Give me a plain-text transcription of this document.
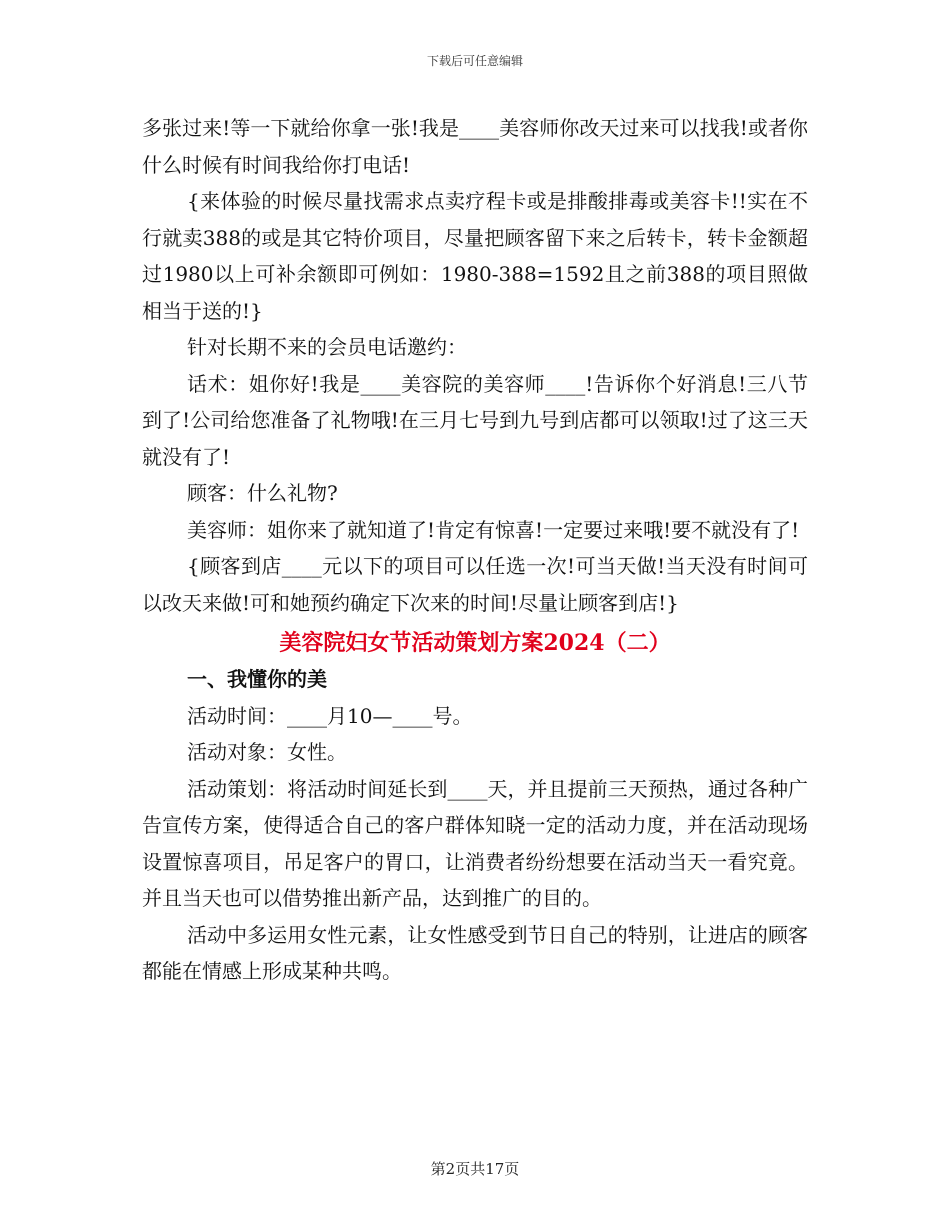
下载后可任意编辑

多张过来!等一下就给你拿一张!我是____美容师你改天过来可以找我!或者你什么时候有时间我给你打电话!

{来体验的时候尽量找需求点卖疗程卡或是排酸排毒或美容卡!!实在不行就卖388的或是其它特价项目，尽量把顾客留下来之后转卡，转卡金额超过1980以上可补余额即可例如：1980-388=1592且之前388的项目照做相当于送的!}

针对长期不来的会员电话邀约：

话术：姐你好!我是____美容院的美容师____!告诉你个好消息!三八节到了!公司给您准备了礼物哦!在三月七号到九号到店都可以领取!过了这三天就没有了!

顾客：什么礼物?

美容师：姐你来了就知道了!肯定有惊喜!一定要过来哦!要不就没有了!

{顾客到店____元以下的项目可以任选一次!可当天做!当天没有时间可以改天来做!可和她预约确定下次来的时间!尽量让顾客到店!}

美容院妇女节活动策划方案2024（二）
一、我懂你的美

活动时间：____月10—____号。

活动对象：女性。

活动策划：将活动时间延长到____天，并且提前三天预热，通过各种广告宣传方案，使得适合自己的客户群体知晓一定的活动力度，并在活动现场设置惊喜项目，吊足客户的胃口，让消费者纷纷想要在活动当天一看究竟。并且当天也可以借势推出新产品，达到推广的目的。

活动中多运用女性元素，让女性感受到节日自己的特别，让进店的顾客都能在情感上形成某种共鸣。

第2页共17页
